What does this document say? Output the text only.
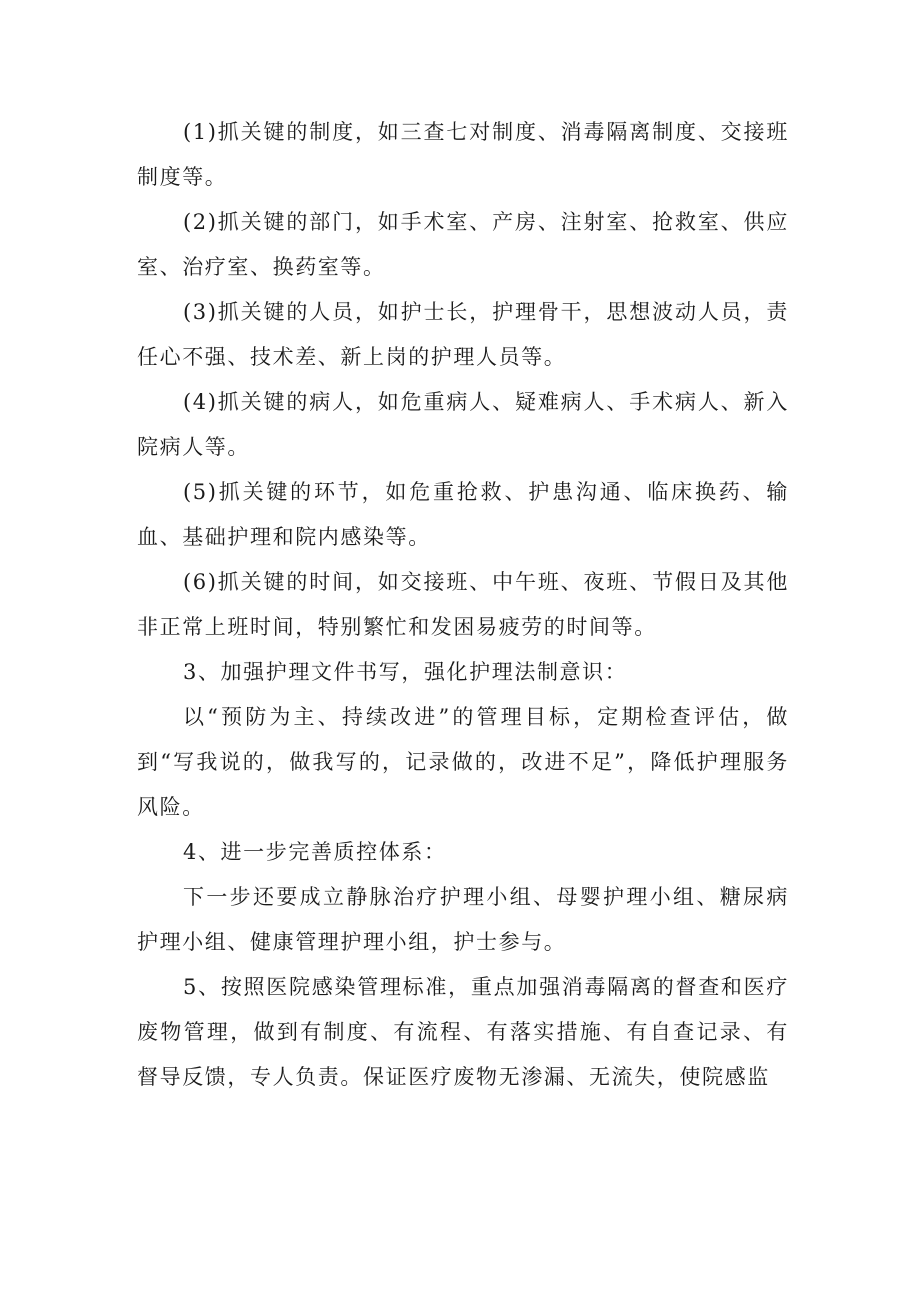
(1)抓关键的制度，如三查七对制度、消毒隔离制度、交接班制度等。

(2)抓关键的部门，如手术室、产房、注射室、抢救室、供应室、治疗室、换药室等。

(3)抓关键的人员，如护士长，护理骨干，思想波动人员，责任心不强、技术差、新上岗的护理人员等。

(4)抓关键的病人，如危重病人、疑难病人、手术病人、新入院病人等。

(5)抓关键的环节，如危重抢救、护患沟通、临床换药、输血、基础护理和院内感染等。

(6)抓关键的时间，如交接班、中午班、夜班、节假日及其他非正常上班时间，特别繁忙和发困易疲劳的时间等。

3、加强护理文件书写，强化护理法制意识：

以“预防为主、持续改进”的管理目标，定期检查评估，做到“写我说的，做我写的，记录做的，改进不足”，降低护理服务风险。

4、进一步完善质控体系：

下一步还要成立静脉治疗护理小组、母婴护理小组、糖尿病护理小组、健康管理护理小组，护士参与。

5、按照医院感染管理标准，重点加强消毒隔离的督查和医疗废物管理，做到有制度、有流程、有落实措施、有自查记录、有督导反馈，专人负责。保证医疗废物无渗漏、无流失，使院感监
